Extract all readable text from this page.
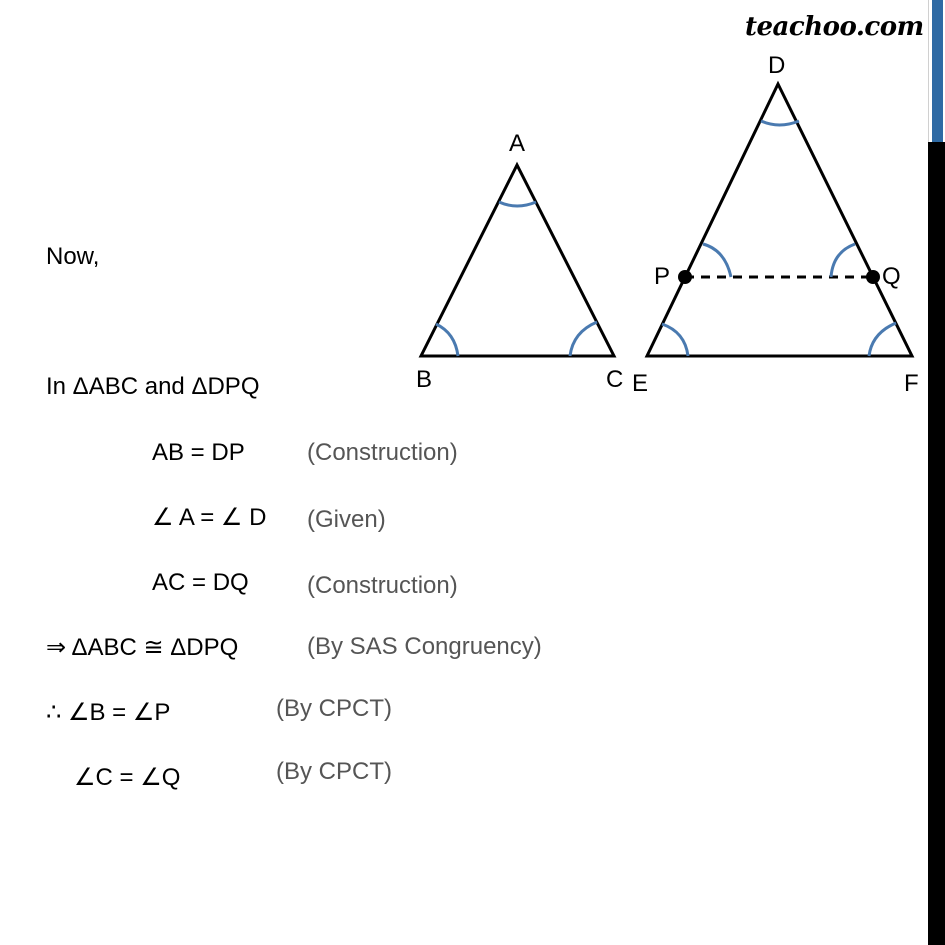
teachoo.com
A
B	C
D
E	F
P	Q
Now,
In ΔABC and ΔDPQ
AB = DP	(Construction)
∠ A = ∠ D (Given)
AC = DQ (Construction)
⇒ ΔABC ≅ ΔDPQ	(By SAS Congruency)
∴ ∠B = ∠P	(By CPCT)
∠C = ∠Q	(By CPCT)
